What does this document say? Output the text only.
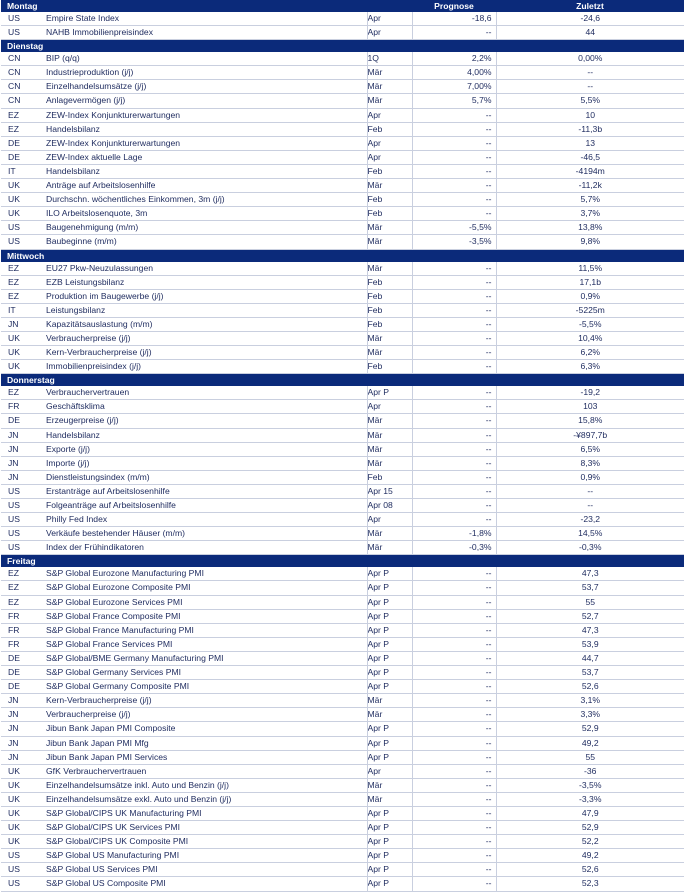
Montag			Prognose	Zuletzt
US	Empire State Index	Apr	-18,6	-24,6
US	NAHB Immobilienpreisindex	Apr	--	44
Dienstag				
CN	BIP (q/q)	1Q	2,2%	0,00%
CN	Industrieproduktion (j/j)	Mär	4,00%	--
CN	Einzelhandelsumsätze (j/j)	Mär	7,00%	--
CN	Anlagevermögen (j/j)	Mär	5,7%	5,5%
EZ	ZEW-Index Konjunkturerwartungen	Apr	--	10
EZ	Handelsbilanz	Feb	--	-11,3b
DE	ZEW-Index Konjunkturerwartungen	Apr	--	13
DE	ZEW-Index aktuelle Lage	Apr	--	-46,5
IT	Handelsbilanz	Feb	--	-4194m
UK	Anträge auf Arbeitslosenhilfe	Mär	--	-11,2k
UK	Durchschn. wöchentliches Einkommen, 3m (j/j)	Feb	--	5,7%
UK	ILO Arbeitslosenquote, 3m	Feb	--	3,7%
US	Baugenehmigung (m/m)	Mär	-5,5%	13,8%
US	Baubeginne (m/m)	Mär	-3,5%	9,8%
Mittwoch				
EZ	EU27 Pkw-Neuzulassungen	Mär	--	11,5%
EZ	EZB Leistungsbilanz	Feb	--	17,1b
EZ	Produktion im Baugewerbe (j/j)	Feb	--	0,9%
IT	Leistungsbilanz	Feb	--	-5225m
JN	Kapazitätsauslastung (m/m)	Feb	--	-5,5%
UK	Verbraucherpreise (j/j)	Mär	--	10,4%
UK	Kern-Verbraucherpreise (j/j)	Mär	--	6,2%
UK	Immobilienpreisindex (j/j)	Feb	--	6,3%
Donnerstag				
EZ	Verbrauchervertrauen	Apr P	--	-19,2
FR	Geschäftsklima	Apr	--	103
DE	Erzeugerpreise (j/j)	Mär	--	15,8%
JN	Handelsbilanz	Mär	--	-¥897,7b
JN	Exporte (j/j)	Mär	--	6,5%
JN	Importe (j/j)	Mär	--	8,3%
JN	Dienstleistungsindex (m/m)	Feb	--	0,9%
US	Erstanträge auf Arbeitslosenhilfe	Apr 15	--	--
US	Folgeanträge auf Arbeitslosenhilfe	Apr 08	--	--
US	Philly Fed Index	Apr	--	-23,2
US	Verkäufe bestehender Häuser (m/m)	Mär	-1,8%	14,5%
US	Index der Frühindikatoren	Mär	-0,3%	-0,3%
Freitag				
EZ	S&P Global Eurozone Manufacturing PMI	Apr P	--	47,3
EZ	S&P Global Eurozone Composite PMI	Apr P	--	53,7
EZ	S&P Global Eurozone Services PMI	Apr P	--	55
FR	S&P Global France Composite PMI	Apr P	--	52,7
FR	S&P Global France Manufacturing PMI	Apr P	--	47,3
FR	S&P Global France Services PMI	Apr P	--	53,9
DE	S&P Global/BME Germany Manufacturing PMI	Apr P	--	44,7
DE	S&P Global Germany Services PMI	Apr P	--	53,7
DE	S&P Global Germany Composite PMI	Apr P	--	52,6
JN	Kern-Verbraucherpreise (j/j)	Mär	--	3,1%
JN	Verbraucherpreise (j/j)	Mär	--	3,3%
JN	Jibun Bank Japan PMI Composite	Apr P	--	52,9
JN	Jibun Bank Japan PMI Mfg	Apr P	--	49,2
JN	Jibun Bank Japan PMI Services	Apr P	--	55
UK	GfK Verbrauchervertrauen	Apr	--	-36
UK	Einzelhandelsumsätze inkl. Auto und Benzin (j/j)	Mär	--	-3,5%
UK	Einzelhandelsumsätze exkl. Auto und Benzin (j/j)	Mär	--	-3,3%
UK	S&P Global/CIPS UK Manufacturing PMI	Apr P	--	47,9
UK	S&P Global/CIPS UK Services PMI	Apr P	--	52,9
UK	S&P Global/CIPS UK Composite PMI	Apr P	--	52,2
US	S&P Global US Manufacturing PMI	Apr P	--	49,2
US	S&P Global US Services PMI	Apr P	--	52,6
US	S&P Global US Composite PMI	Apr P	--	52,3
